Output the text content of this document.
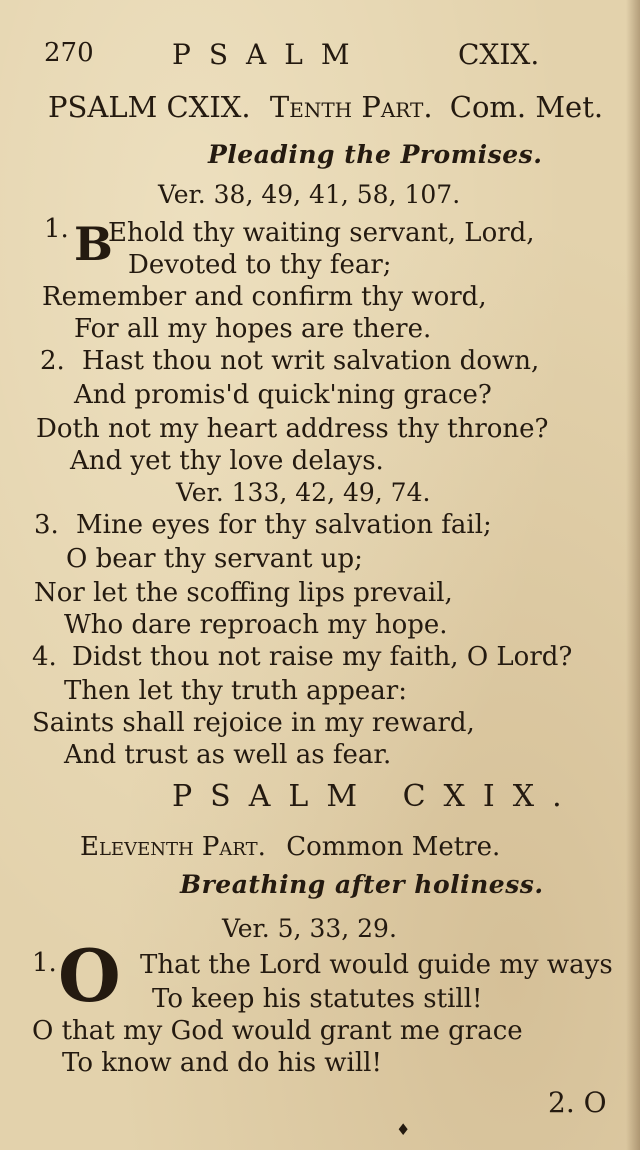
270	PSALM	CXIX.
PSALM CXIX. Tenth Part. Com. Met.
Pleading the Promises.
Ver. 38, 49, 41, 58, 107.
1. B
Ehold thy waiting servant, Lord,
Devoted to thy fear;
Remember and confirm thy word,
For all my hopes are there.
2. Hast thou not writ salvation down,
And promis'd quick'ning grace?
Doth not my heart address thy throne?
And yet thy love delays.
Ver. 133, 42, 49, 74.
3. Mine eyes for thy salvation fail;
O bear thy servant up;
Nor let the scoffing lips prevail,
Who dare reproach my hope.
4. Didst thou not raise my faith, O Lord?
Then let thy truth appear:
Saints shall rejoice in my reward,
And trust as well as fear.
PSALM CXIX.
Eleventh Part. Common Metre.
Breathing after holiness.
Ver. 5, 33, 29.
1. O That the Lord would guide my ways
To keep his statutes still!
O that my God would grant me grace
To know and do his will!
2. O
♦
